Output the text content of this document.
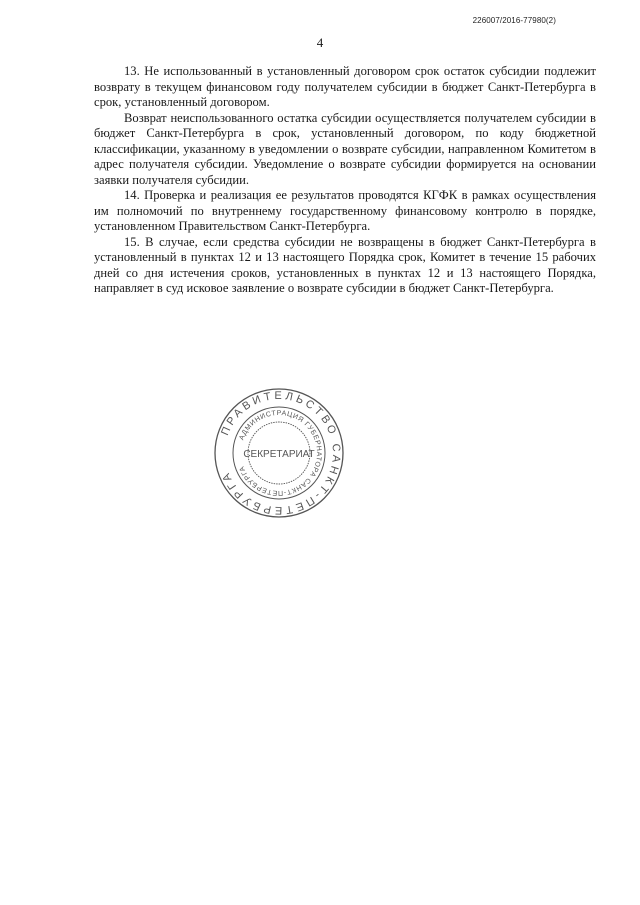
226007/2016-77980(2)
4

13. Не использованный в установленный договором срок остаток субсидии подлежит возврату в текущем финансовом году получателем субсидии в бюджет Санкт-Петербурга в срок, установленный договором.

Возврат неиспользованного остатка субсидии осуществляется получателем субсидии в бюджет Санкт-Петербурга в срок, установленный договором, по коду бюджетной классификации, указанному в уведомлении о возврате субсидии, направленном Комитетом в адрес получателя субсидии. Уведомление о возврате субсидии формируется на основании заявки получателя субсидии.

14. Проверка и реализация ее результатов проводятся КГФК в рамках осуществления им полномочий по внутреннему государственному финансовому контролю в порядке, установленном Правительством Санкт-Петербурга.

15. В случае, если средства субсидии не возвращены в бюджет Санкт-Петербурга в установленный в пунктах 12 и 13 настоящего Порядка срок, Комитет в течение 15 рабочих дней со дня истечения сроков, установленных в пунктах 12 и 13 настоящего Порядка, направляет в суд исковое заявление о возврате субсидии в бюджет Санкт-Петербурга.

ПРАВИТЕЛЬСТВО САНКТ-ПЕТЕРБУРГА
АДМИНИСТРАЦИЯ ГУБЕРНАТОРА САНКТ-ПЕТЕРБУРГА
СЕКРЕТАРИАТ
